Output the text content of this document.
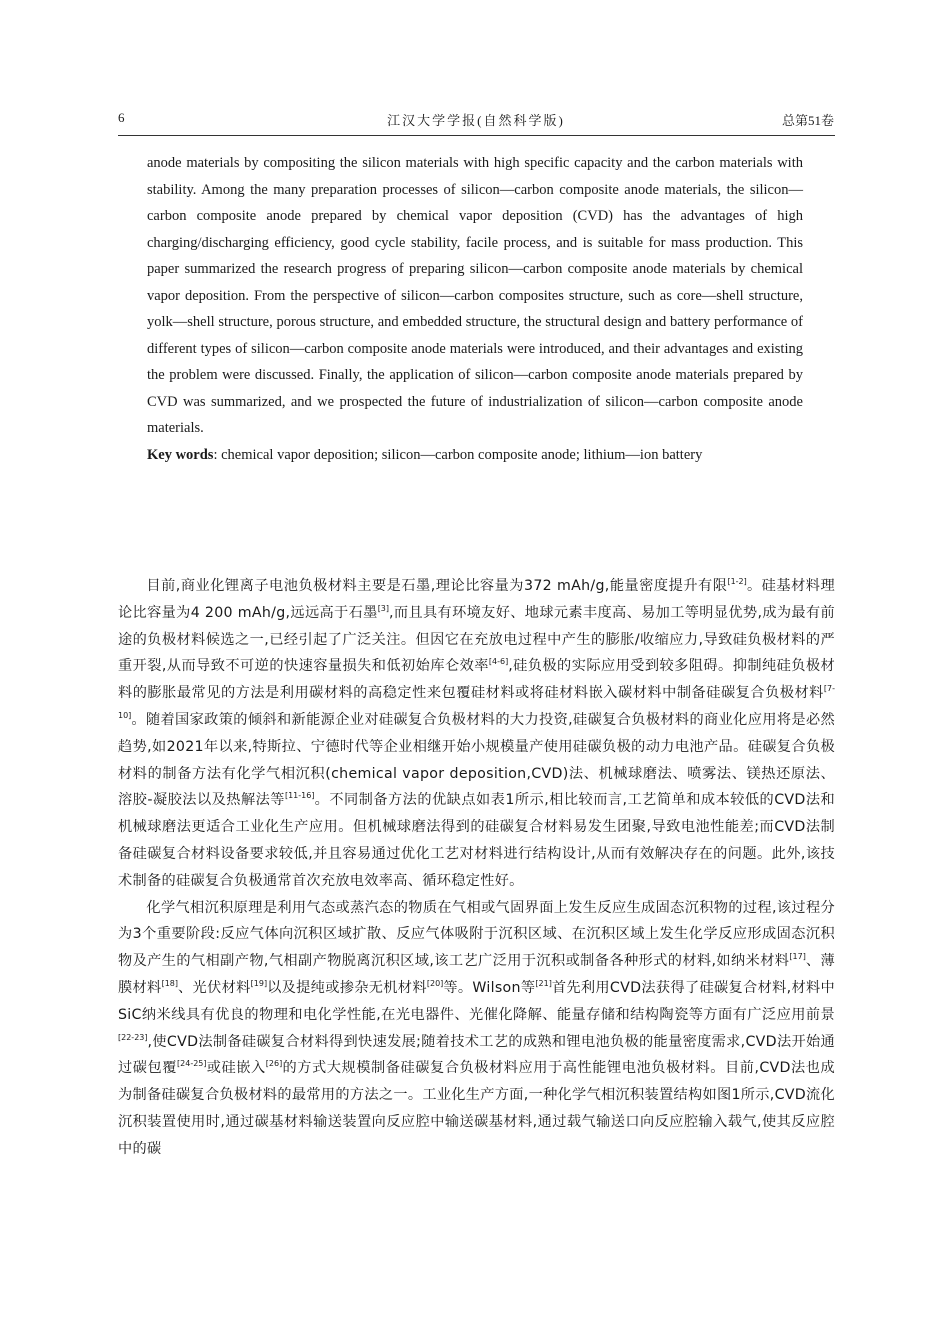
6	江汉大学学报(自然科学版)	总第51卷

anode materials by compositing the silicon materials with high specific capacity and the carbon materials with stability. Among the many preparation processes of silicon—carbon composite anode materials, the silicon—carbon composite anode prepared by chemical vapor deposition (CVD) has the advantages of high charging/discharging efficiency, good cycle stability, facile process, and is suitable for mass production. This paper summarized the research progress of preparing silicon—carbon composite anode materials by chemical vapor deposition. From the perspective of silicon—carbon composites structure, such as core—shell structure, yolk—shell structure, porous structure, and embedded structure, the structural design and battery performance of different types of silicon—carbon composite anode materials were introduced, and their advantages and existing the problem were discussed. Finally, the application of silicon—carbon composite anode materials prepared by CVD was summarized, and we prospected the future of industrialization of silicon—carbon composite anode materials.

Key words: chemical vapor deposition; silicon—carbon composite anode; lithium—ion battery

目前,商业化锂离子电池负极材料主要是石墨,理论比容量为372 mAh/g,能量密度提升有限[1-2]。硅基材料理论比容量为4 200 mAh/g,远远高于石墨[3],而且具有环境友好、地球元素丰度高、易加工等明显优势,成为最有前途的负极材料候选之一,已经引起了广泛关注。但因它在充放电过程中产生的膨胀/收缩应力,导致硅负极材料的严重开裂,从而导致不可逆的快速容量损失和低初始库仑效率[4-6],硅负极的实际应用受到较多阻碍。抑制纯硅负极材料的膨胀最常见的方法是利用碳材料的高稳定性来包覆硅材料或将硅材料嵌入碳材料中制备硅碳复合负极材料[7-10]。随着国家政策的倾斜和新能源企业对硅碳复合负极材料的大力投资,硅碳复合负极材料的商业化应用将是必然趋势,如2021年以来,特斯拉、宁德时代等企业相继开始小规模量产使用硅碳负极的动力电池产品。硅碳复合负极材料的制备方法有化学气相沉积(chemical vapor deposition,CVD)法、机械球磨法、喷雾法、镁热还原法、溶胶-凝胶法以及热解法等[11-16]。不同制备方法的优缺点如表1所示,相比较而言,工艺简单和成本较低的CVD法和机械球磨法更适合工业化生产应用。但机械球磨法得到的硅碳复合材料易发生团聚,导致电池性能差;而CVD法制备硅碳复合材料设备要求较低,并且容易通过优化工艺对材料进行结构设计,从而有效解决存在的问题。此外,该技术制备的硅碳复合负极通常首次充放电效率高、循环稳定性好。

化学气相沉积原理是利用气态或蒸汽态的物质在气相或气固界面上发生反应生成固态沉积物的过程,该过程分为3个重要阶段:反应气体向沉积区域扩散、反应气体吸附于沉积区域、在沉积区域上发生化学反应形成固态沉积物及产生的气相副产物,气相副产物脱离沉积区域,该工艺广泛用于沉积或制备各种形式的材料,如纳米材料[17]、薄膜材料[18]、光伏材料[19]以及提纯或掺杂无机材料[20]等。Wilson等[21]首先利用CVD法获得了硅碳复合材料,材料中SiC纳米线具有优良的物理和电化学性能,在光电器件、光催化降解、能量存储和结构陶瓷等方面有广泛应用前景[22-23],使CVD法制备硅碳复合材料得到快速发展;随着技术工艺的成熟和锂电池负极的能量密度需求,CVD法开始通过碳包覆[24-25]或硅嵌入[26]的方式大规模制备硅碳复合负极材料应用于高性能锂电池负极材料。目前,CVD法也成为制备硅碳复合负极材料的最常用的方法之一。工业化生产方面,一种化学气相沉积装置结构如图1所示,CVD流化沉积装置使用时,通过碳基材料输送装置向反应腔中输送碳基材料,通过载气输送口向反应腔输入载气,使其反应腔中的碳
